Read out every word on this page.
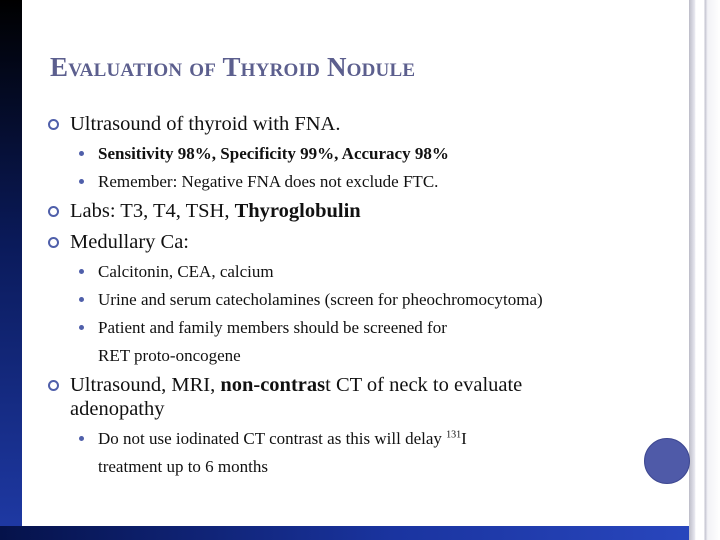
Evaluation of Thyroid Nodule
Ultrasound of thyroid with FNA.
Sensitivity 98%, Specificity 99%, Accuracy 98%
Remember: Negative FNA does not exclude FTC.
Labs: T3, T4, TSH, Thyroglobulin
Medullary Ca:
Calcitonin, CEA, calcium
Urine and serum catecholamines (screen for pheochromocytoma)
Patient and family members should be screened for
RET proto-oncogene
Ultrasound, MRI, non-contrast CT of neck to evaluate
adenopathy
Do not use iodinated CT contrast as this will delay $^{131}$I
treatment up to 6 months
